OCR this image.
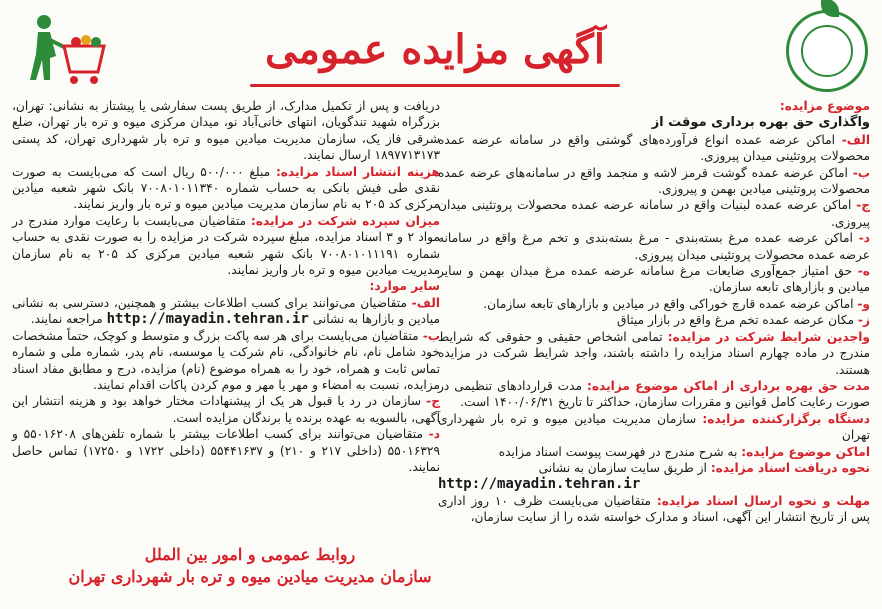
آگهی مزایده عمومی

موضوع مزایده:

واگذاری حق بهره برداری موقت از

الف- اماکن عرضه عمده انواع فرآورده‌های گوشتی واقع در سامانه عرضه عمده محصولات پروتئینی میدان پیروزی.

ب- اماکن عرضه عمده گوشت قرمز لاشه و منجمد واقع در سامانه‌های عرضه عمده محصولات پروتئینی میادین بهمن و پیروزی.

ج- اماکن عرضه عمده لبنیات واقع در سامانه عرضه عمده محصولات پروتئینی میدان پیروزی.

د- اماکن عرضه عمده مرغ بسته‌بندی - مرغ بسته‌بندی و تخم مرغ واقع در سامانه عرضه عمده محصولات پروتئینی میدان پیروزی.

ه- حق امتیاز جمع‌آوری ضایعات مرغ سامانه عرضه عمده مرغ میدان بهمن و سایر میادین و بازارهای تابعه سازمان.

و- اماکن عرضه عمده قارچ خوراکی واقع در میادین و بازارهای تابعه سازمان.

ز- مکان عرضه عمده تخم مرغ واقع در بازار میثاق

واجدین شرایط شرکت در مزایده: تمامی اشخاص حقیقی و حقوقی که شرایط مندرج در ماده چهارم اسناد مزایده را داشته باشند، واجد شرایط شرکت در مزایده هستند.

مدت حق بهره برداری از اماکن موضوع مزایده: مدت قراردادهای تنظیمی در صورت رعایت کامل قوانین و مقررات سازمان، حداکثر تا تاریخ ۱۴۰۰/۰۶/۳۱ است.

دستگاه برگزارکننده مزایده: سازمان مدیریت میادین میوه و تره بار شهرداری تهران

اماکن موضوع مزایده: به شرح مندرج در فهرست پیوست اسناد مزایده

نحوه دریافت اسناد مزایده: از طریق سایت سازمان به نشانی

http://mayadin.tehran.ir

مهلت و نحوه ارسال اسناد مزایده: متقاضیان می‌بایست ظرف ۱۰ روز اداری پس از تاریخ انتشار این آگهی، اسناد و مدارک خواسته شده را از سایت سازمان،

دریافت و پس از تکمیل مدارک، از طریق پست سفارشی یا پیشتاز به نشانی: تهران، بزرگراه شهید تندگویان، انتهای خانی‌آباد نو، میدان مرکزی میوه و تره بار تهران، ضلع شرقی فاز یک، سازمان مدیریت میادین میوه و تره بار شهرداری تهران، کد پستی ۱۸۹۷۷۱۳۱۷۳ ارسال نمایند.

هزینه انتشار اسناد مزایده: مبلغ ۵۰۰/۰۰۰ ریال است که می‌بایست به صورت نقدی طی فیش بانکی به حساب شماره ۷۰۰۸۰۱۰۱۱۳۴۰ بانک شهر شعبه میادین مرکزی کد ۲۰۵ به نام سازمان مدیریت میادین میوه و تره بار واریز نمایند.

میزان سپرده شرکت در مزایده: متقاضیان می‌بایست با رعایت موارد مندرج در مواد ۲ و ۳ اسناد مزایده، مبلغ سپرده شرکت در مزایده را به صورت نقدی به حساب شماره ۷۰۰۸۰۱۰۱۱۱۹۱ بانک شهر شعبه میادین مرکزی کد ۲۰۵ به نام سازمان مدیریت میادین میوه و تره بار واریز نمایند.

سایر موارد:

الف- متقاضیان می‌توانند برای کسب اطلاعات بیشتر و همچنین، دسترسی به نشانی میادین و بازارها به نشانی http://mayadin.tehran.ir مراجعه نمایند.

ب- متقاضیان می‌بایست برای هر سه پاکت بزرگ و متوسط و کوچک، حتماً مشخصات خود شامل نام، نام خانوادگی، نام شرکت یا موسسه، نام پدر، شماره ملی و شماره تماس ثابت و همراه، خود را به همراه موضوع (نام) مزایده، درج و مطابق مفاد اسناد مزایده، نسبت به امضاء و مهر یا مهر و موم کردن پاکات اقدام نمایند.

ج- سازمان در رد یا قبول هر یک از پیشنهادات مختار خواهد بود و هزینه انتشار این آگهی، بالسویه به عهده برنده یا برندگان مزایده است.

د- متقاضیان می‌توانند برای کسب اطلاعات بیشتر با شماره تلفن‌های ۵۵۰۱۶۲۰۸ و ۵۵۰۱۶۳۲۹ (داخلی ۲۱۷ و ۲۱۰) و ۵۵۴۴۱۶۳۷ (داخلی ۱۷۲۲ و ۱۷۲۵۰) تماس حاصل نمایند.

روابط عمومی و امور بین الملل
سازمان مدیریت میادین میوه و تره بار شهرداری تهران
